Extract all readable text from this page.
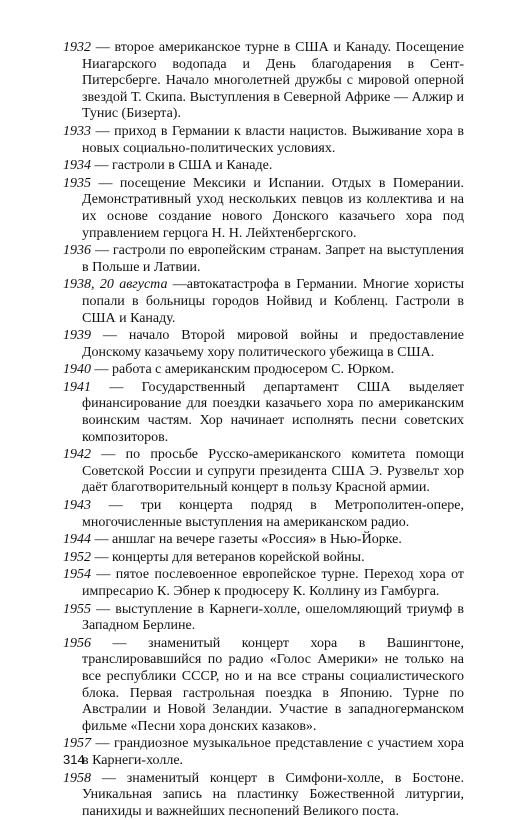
1932 — второе американское турне в США и Канаду. Посещение Ниагарского водопада и День благодарения в Сент-Питерсберге. Начало многолетней дружбы с мировой оперной звездой Т. Скипа. Выступления в Северной Африке — Алжир и Тунис (Бизерта).

1933 — приход в Германии к власти нацистов. Выживание хора в новых социально-политических условиях.

1934 — гастроли в США и Канаде.

1935 — посещение Мексики и Испании. Отдых в Померании. Демонстративный уход нескольких певцов из коллектива и на их основе создание нового Донского казачьего хора под управлением герцога Н. Н. Лейхтенбергского.

1936 — гастроли по европейским странам. Запрет на выступления в Польше и Латвии.

1938, 20 августа —автокатастрофа в Германии. Многие хористы попали в больницы городов Нойвид и Кобленц. Гастроли в США и Канаду.

1939 — начало Второй мировой войны и предоставление Донскому казачьему хору политического убежища в США.

1940 — работа с американским продюсером С. Юрком.

1941 — Государственный департамент США выделяет финансирование для поездки казачьего хора по американским воинским частям. Хор начинает исполнять песни советских композиторов.

1942 — по просьбе Русско-американского комитета помощи Советской России и супруги президента США Э. Рузвельт хор даёт благотворительный концерт в пользу Красной армии.

1943 — три концерта подряд в Метрополитен-опере, многочисленные выступления на американском радио.

1944 — аншлаг на вечере газеты «Россия» в Нью-Йорке.

1952 — концерты для ветеранов корейской войны.

1954 — пятое послевоенное европейское турне. Переход хора от импресарио К. Эбнер к продюсеру К. Коллину из Гамбурга.

1955 — выступление в Карнеги-холле, ошеломляющий триумф в Западном Берлине.

1956 — знаменитый концерт хора в Вашингтоне, транслировавшийся по радио «Голос Америки» не только на все республики СССР, но и на все страны социалистического блока. Первая гастрольная поездка в Японию. Турне по Австралии и Новой Зеландии. Участие в западногерманском фильме «Песни хора донских казаков».

1957 — грандиозное музыкальное представление с участием хора в Карнеги-холле.

1958 — знаменитый концерт в Симфони-холле, в Бостоне. Уникальная запись на пластинку Божественной литургии, панихиды и важнейших песнопений Великого поста.

314
